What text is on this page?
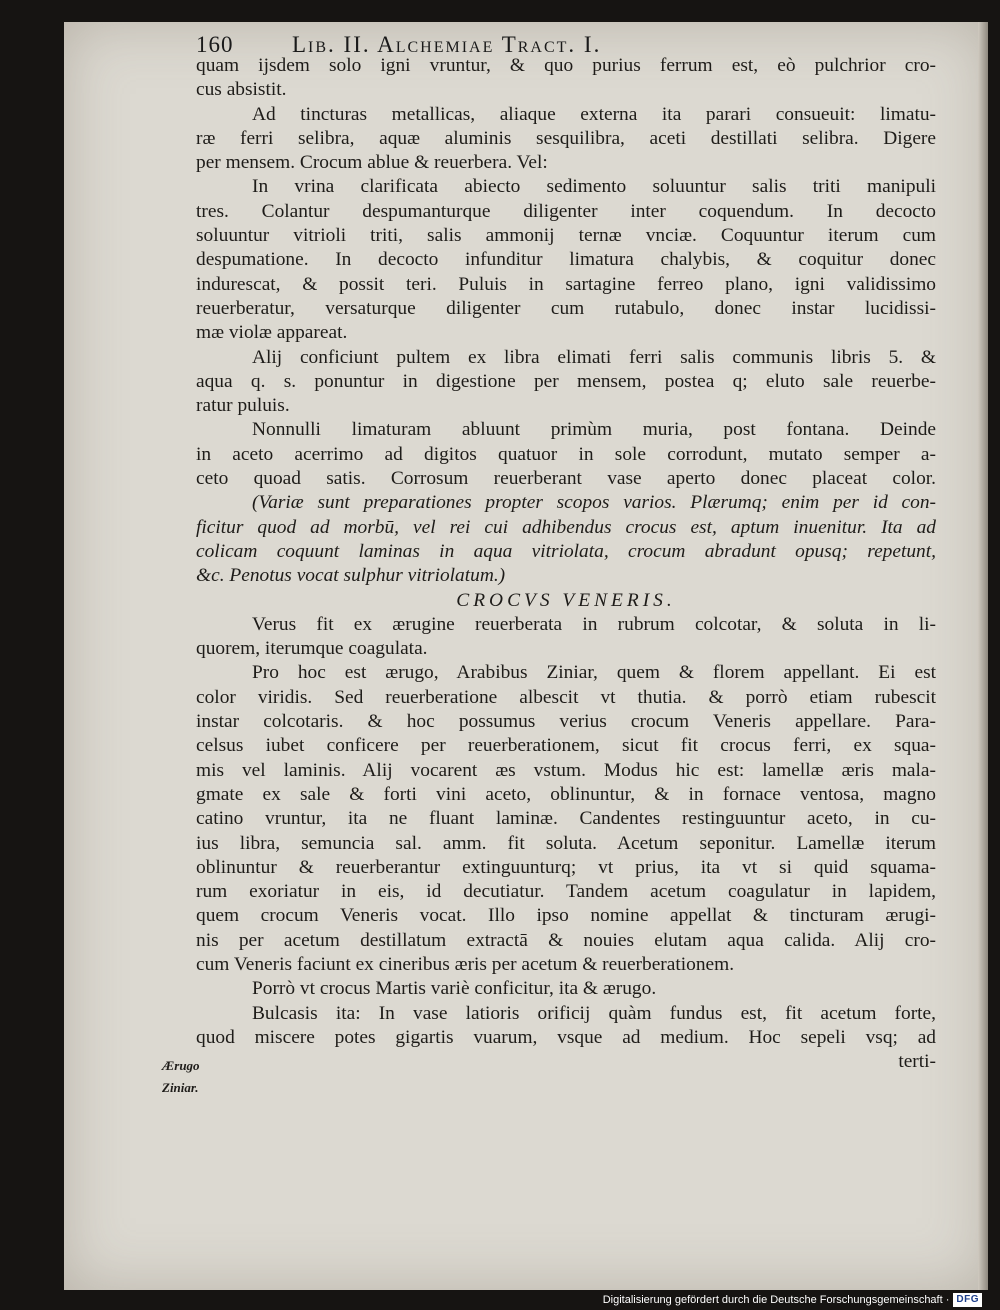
160	Lib. II. Alchemiae Tract. I.
quam ijsdem solo igni vruntur, & quo purius ferrum est, eò pulchrior cro-
cus absistit.
Ad tincturas metallicas, aliaque externa ita parari consueuit: limatu-
ræ ferri selibra, aquæ aluminis sesquilibra, aceti destillati selibra. Digere
per mensem. Crocum ablue & reuerbera. Vel:
In vrina clarificata abiecto sedimento soluuntur salis triti manipuli
tres. Colantur despumanturque diligenter inter coquendum. In decocto
soluuntur vitrioli triti, salis ammonij ternæ vnciæ. Coquuntur iterum cum
despumatione. In decocto infunditur limatura chalybis, & coquitur donec
indurescat, & possit teri. Puluis in sartagine ferreo plano, igni validissimo
reuerberatur, versaturque diligenter cum rutabulo, donec instar lucidissi-
mæ violæ appareat.
Alij conficiunt pultem ex libra elimati ferri salis communis libris 5. &
aqua q. s. ponuntur in digestione per mensem, postea q; eluto sale reuerbe-
ratur puluis.
Nonnulli limaturam abluunt primùm muria, post fontana. Deinde
in aceto acerrimo ad digitos quatuor in sole corrodunt, mutato semper a-
ceto quoad satis. Corrosum reuerberant vase aperto donec placeat color.
(Variæ sunt preparationes propter scopos varios. Plærumq; enim per id con-
ficitur quod ad morbū, vel rei cui adhibendus crocus est, aptum inuenitur. Ita ad
colicam coquunt laminas in aqua vitriolata, crocum abradunt opusq; repetunt,
&c. Penotus vocat sulphur vitriolatum.)
CROCVS VENERIS.
Verus fit ex ærugine reuerberata in rubrum colcotar, & soluta in li-
quorem, iterumque coagulata.
Pro hoc est ærugo, Arabibus Ziniar, quem & florem appellant. Ei est
color viridis. Sed reuerberatione albescit vt thutia. & porrò etiam rubescit
instar colcotaris. & hoc possumus verius crocum Veneris appellare. Para-
celsus iubet conficere per reuerberationem, sicut fit crocus ferri, ex squa-
mis vel laminis. Alij vocarent æs vstum. Modus hic est: lamellæ æris mala-
gmate ex sale & forti vini aceto, oblinuntur, & in fornace ventosa, magno
catino vruntur, ita ne fluant laminæ. Candentes restinguuntur aceto, in cu-
ius libra, semuncia sal. amm. fit soluta. Acetum seponitur. Lamellæ iterum
oblinuntur & reuerberantur extinguunturq; vt prius, ita vt si quid squama-
rum exoriatur in eis, id decutiatur. Tandem acetum coagulatur in lapidem,
quem crocum Veneris vocat. Illo ipso nomine appellat & tincturam ærugi-
nis per acetum destillatum extractā & nouies elutam aqua calida. Alij cro-
cum Veneris faciunt ex cineribus æris per acetum & reuerberationem.
Porrò vt crocus Martis variè conficitur, ita & ærugo.
Bulcasis ita: In vase latioris orificij quàm fundus est, fit acetum forte,
quod miscere potes gigartis vuarum, vsque ad medium. Hoc sepeli vsq; ad
terti-
Ærugo Ziniar.
Digitalisierung gefördert durch die Deutsche Forschungsgemeinschaft · DFG
